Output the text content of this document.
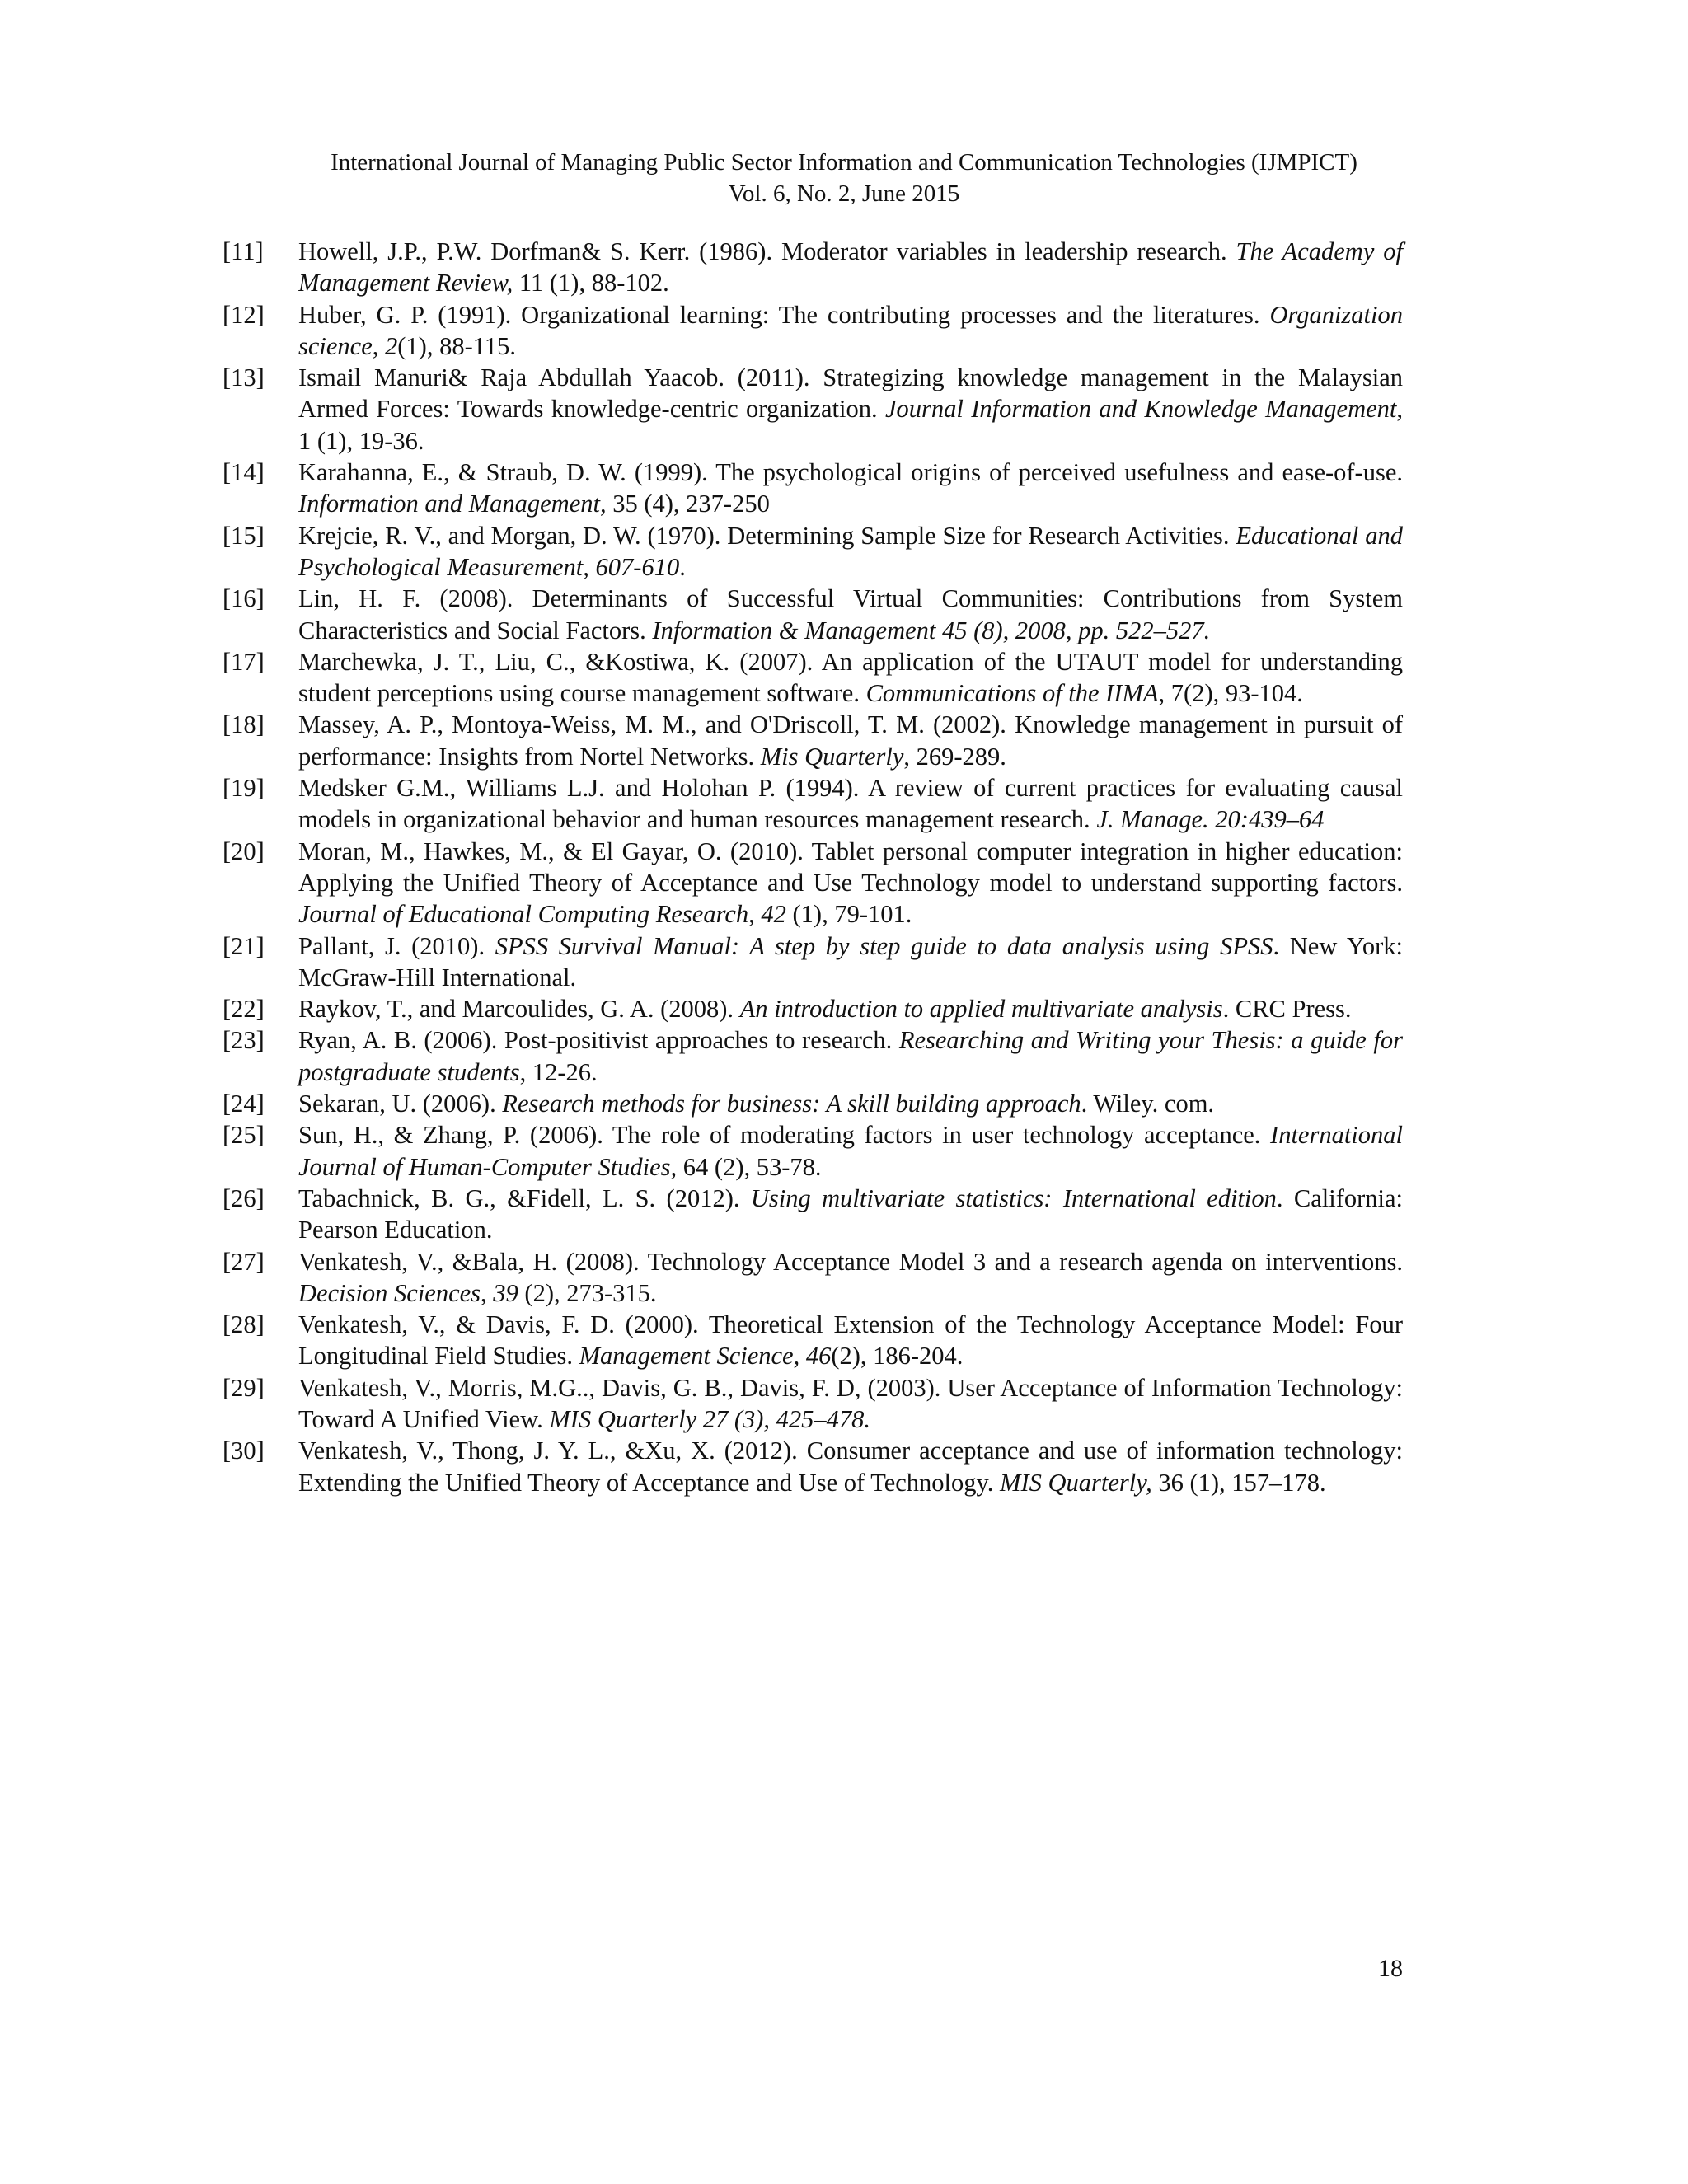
International Journal of Managing Public Sector Information and Communication Technologies (IJMPICT)
Vol. 6, No. 2, June 2015
[11]	Howell, J.P., P.W. Dorfman& S. Kerr. (1986). Moderator variables in leadership research. The Academy of Management Review, 11 (1), 88-102.
[12]	Huber, G. P. (1991). Organizational learning: The contributing processes and the literatures. Organization science, 2(1), 88-115.
[13]	Ismail Manuri& Raja Abdullah Yaacob. (2011). Strategizing knowledge management in the Malaysian Armed Forces: Towards knowledge-centric organization. Journal Information and Knowledge Management, 1 (1), 19-36.
[14]	Karahanna, E., & Straub, D. W. (1999). The psychological origins of perceived usefulness and ease-of-use. Information and Management, 35 (4), 237-250
[15]	Krejcie, R. V., and Morgan, D. W. (1970). Determining Sample Size for Research Activities. Educational and Psychological Measurement, 607-610.
[16]	Lin, H. F. (2008). Determinants of Successful Virtual Communities: Contributions from System Characteristics and Social Factors. Information & Management 45 (8), 2008, pp. 522–527.
[17]	Marchewka, J. T., Liu, C., &Kostiwa, K. (2007). An application of the UTAUT model for understanding student perceptions using course management software. Communications of the IIMA, 7(2), 93-104.
[18]	Massey, A. P., Montoya-Weiss, M. M., and O'Driscoll, T. M. (2002). Knowledge management in pursuit of performance: Insights from Nortel Networks. Mis Quarterly, 269-289.
[19]	Medsker G.M., Williams L.J. and Holohan P. (1994). A review of current practices for evaluating causal models in organizational behavior and human resources management research. J. Manage. 20:439–64
[20]	Moran, M., Hawkes, M., & El Gayar, O. (2010). Tablet personal computer integration in higher education: Applying the Unified Theory of Acceptance and Use Technology model to understand supporting factors. Journal of Educational Computing Research, 42 (1), 79-101.
[21]	Pallant, J. (2010). SPSS Survival Manual: A step by step guide to data analysis using SPSS. New York: McGraw-Hill International.
[22]	Raykov, T., and Marcoulides, G. A. (2008). An introduction to applied multivariate analysis. CRC Press.
[23]	Ryan, A. B. (2006). Post-positivist approaches to research. Researching and Writing your Thesis: a guide for postgraduate students, 12-26.
[24]	Sekaran, U. (2006). Research methods for business: A skill building approach. Wiley. com.
[25]	Sun, H., & Zhang, P. (2006). The role of moderating factors in user technology acceptance. International Journal of Human-Computer Studies, 64 (2), 53-78.
[26]	Tabachnick, B. G., &Fidell, L. S. (2012). Using multivariate statistics: International edition. California: Pearson Education.
[27]	Venkatesh, V., &Bala, H. (2008). Technology Acceptance Model 3 and a research agenda on interventions. Decision Sciences, 39 (2), 273-315.
[28]	Venkatesh, V., & Davis, F. D. (2000). Theoretical Extension of the Technology Acceptance Model: Four Longitudinal Field Studies. Management Science, 46(2), 186-204.
[29]	Venkatesh, V., Morris, M.G.., Davis, G. B., Davis, F. D, (2003). User Acceptance of Information Technology: Toward A Unified View. MIS Quarterly 27 (3), 425–478.
[30]	Venkatesh, V., Thong, J. Y. L., &Xu, X. (2012). Consumer acceptance and use of information technology: Extending the Unified Theory of Acceptance and Use of Technology. MIS Quarterly, 36 (1), 157–178.
18
